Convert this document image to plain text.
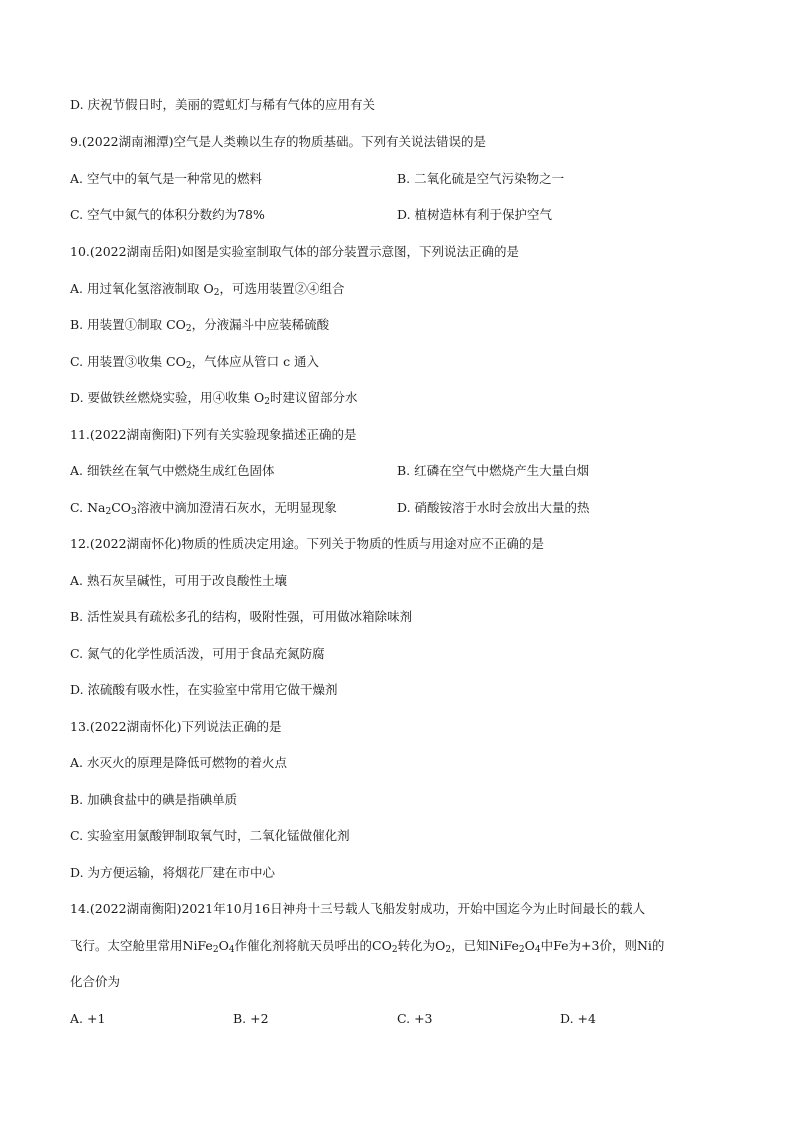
D. 庆祝节假日时，美丽的霓虹灯与稀有气体的应用有关
9.(2022湖南湘潭)空气是人类赖以生存的物质基础。下列有关说法错误的是
A. 空气中的氧气是一种常见的燃料	B. 二氧化硫是空气污染物之一
C. 空气中氮气的体积分数约为78%	D. 植树造林有利于保护空气
10.(2022湖南岳阳)如图是实验室制取气体的部分装置示意图，下列说法正确的是
A. 用过氧化氢溶液制取 $O_2$，可选用装置②④组合
B. 用装置①制取 $CO_2$，分液漏斗中应装稀硫酸
C. 用装置③收集 $CO_2$，气体应从管口 c 通入
D. 要做铁丝燃烧实验，用④收集 $O_2$时建议留部分水
11.(2022湖南衡阳)下列有关实验现象描述正确的是
A. 细铁丝在氧气中燃烧生成红色固体	B. 红磷在空气中燃烧产生大量白烟
C. $Na_2CO_3$溶液中滴加澄清石灰水，无明显现象	D. 硝酸铵溶于水时会放出大量的热
12.(2022湖南怀化)物质的性质决定用途。下列关于物质的性质与用途对应不正确的是
A. 熟石灰呈碱性，可用于改良酸性土壤
B. 活性炭具有疏松多孔的结构，吸附性强，可用做冰箱除味剂
C. 氮气的化学性质活泼，可用于食品充氮防腐
D. 浓硫酸有吸水性，在实验室中常用它做干燥剂
13.(2022湖南怀化)下列说法正确的是
A. 水灭火的原理是降低可燃物的着火点
B. 加碘食盐中的碘是指碘单质
C. 实验室用氯酸钾制取氧气时，二氧化锰做催化剂
D. 为方便运输，将烟花厂建在市中心
14.(2022湖南衡阳)2021年10月16日神舟十三号载人飞船发射成功，开始中国迄今为止时间最长的载人
飞行。太空舱里常用$NiFe_2O_4$作催化剂将航天员呼出的$CO_2$转化为$O_2$，已知$NiFe_2O_4$中Fe为+3价，则Ni的
化合价为
A. +1	B. +2	C. +3	D. +4
